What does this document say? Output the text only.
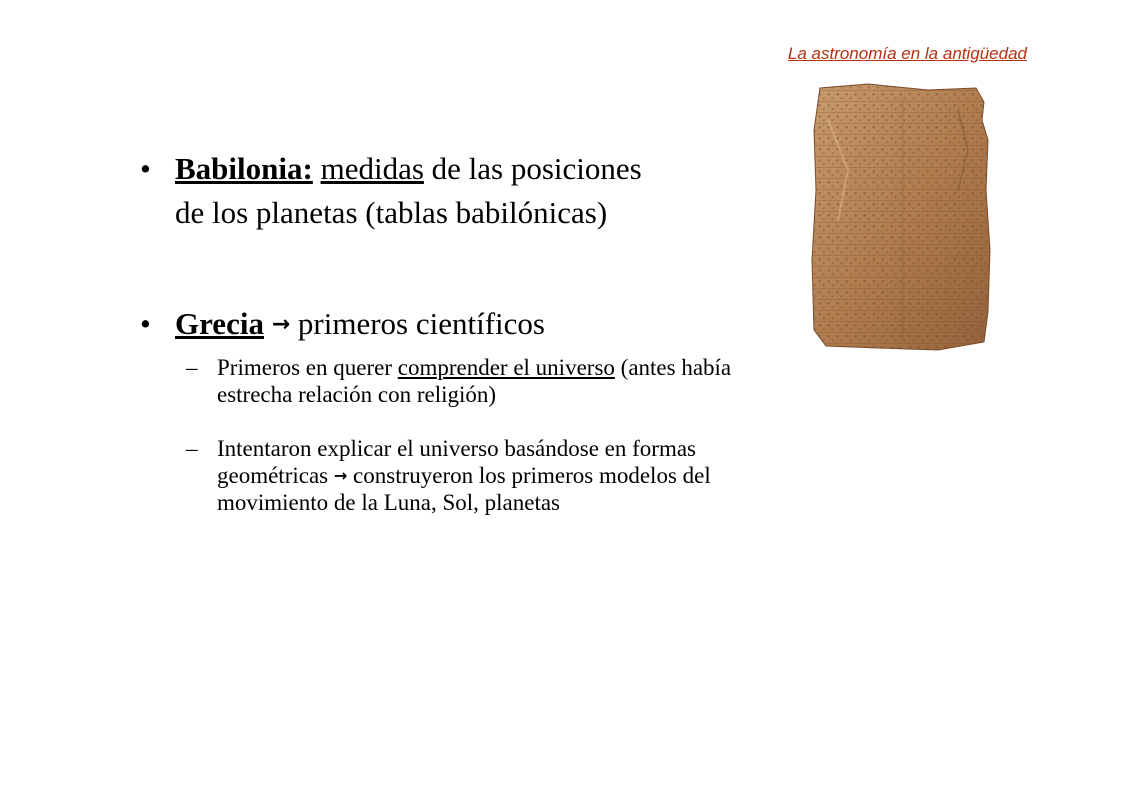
La astronomía en la antigüedad
• Babilonia: medidas de las posiciones
de los planetas (tablas babilónicas)
• Grecia → primeros científicos
– Primeros en querer comprender el universo (antes había
estrecha relación con religión)
– Intentaron explicar el universo basándose en formas
geométricas → construyeron los primeros modelos del
movimiento de la Luna, Sol, planetas
